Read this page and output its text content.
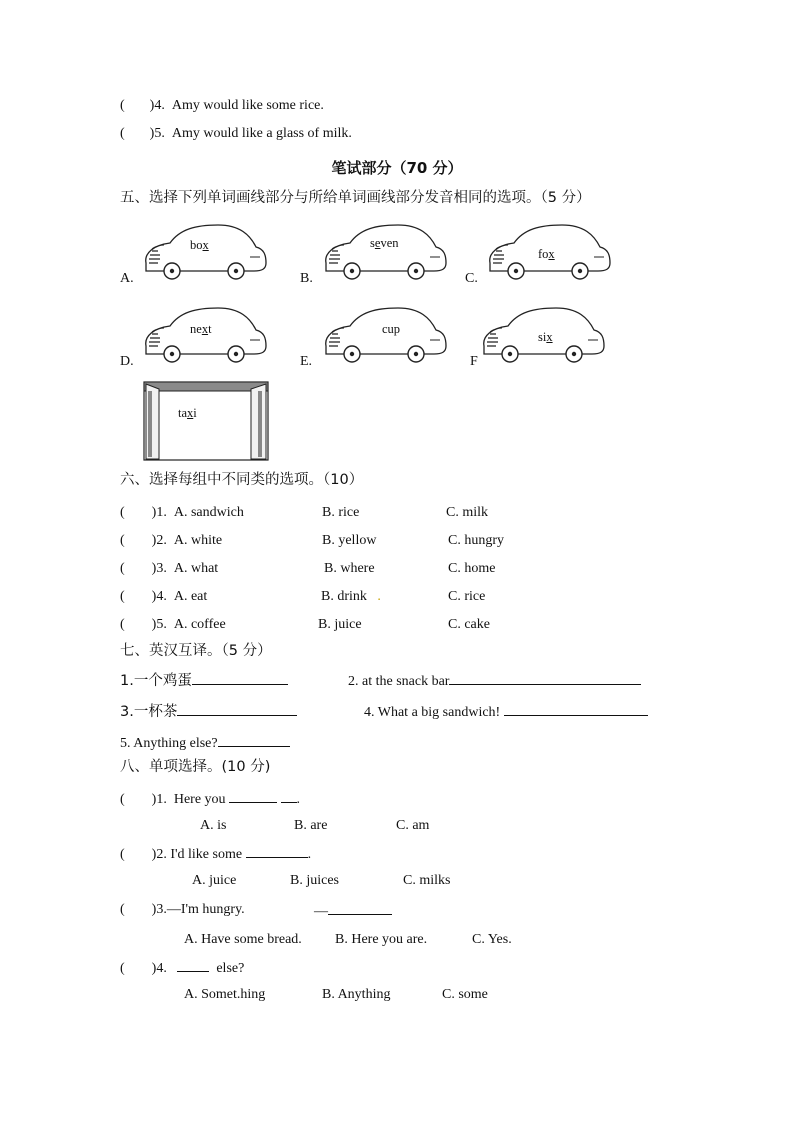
( )4. Amy would like some rice.
( )5. Amy would like a glass of milk.
笔试部分（70 分）
五、选择下列单词画线部分与所给单词画线部分发音相同的选项。（5 分）
box
A.
seven
B.
fox
C.
next
D.
cup
E.
six
F
taxi
六、选择每组中不同类的选项。（10）
( )1. A. sandwich	B. rice	C. milk
( )2. A. white	B. yellow	C. hungry
( )3. A. what	B. where	C. home
( )4. A. eat	B. drink .	C. rice
( )5. A. coffee	B. juice	C. cake
七、英汉互译。（5 分）
1.一个鸡蛋	2. at the snack bar
3.一杯茶	4. What a big sandwich!
5. Anything else?
八、单项选择。(10 分)
( )1. Here you	.
A. is	B. are	C. am
( )2. I'd like some	.
A. juice	B. juices	C. milks
( )3.—I'm hungry.	—
A. Have some bread. B. Here you are.	C. Yes.
( )4.	else?
A. Somet.hing	B. Anything	C. some
